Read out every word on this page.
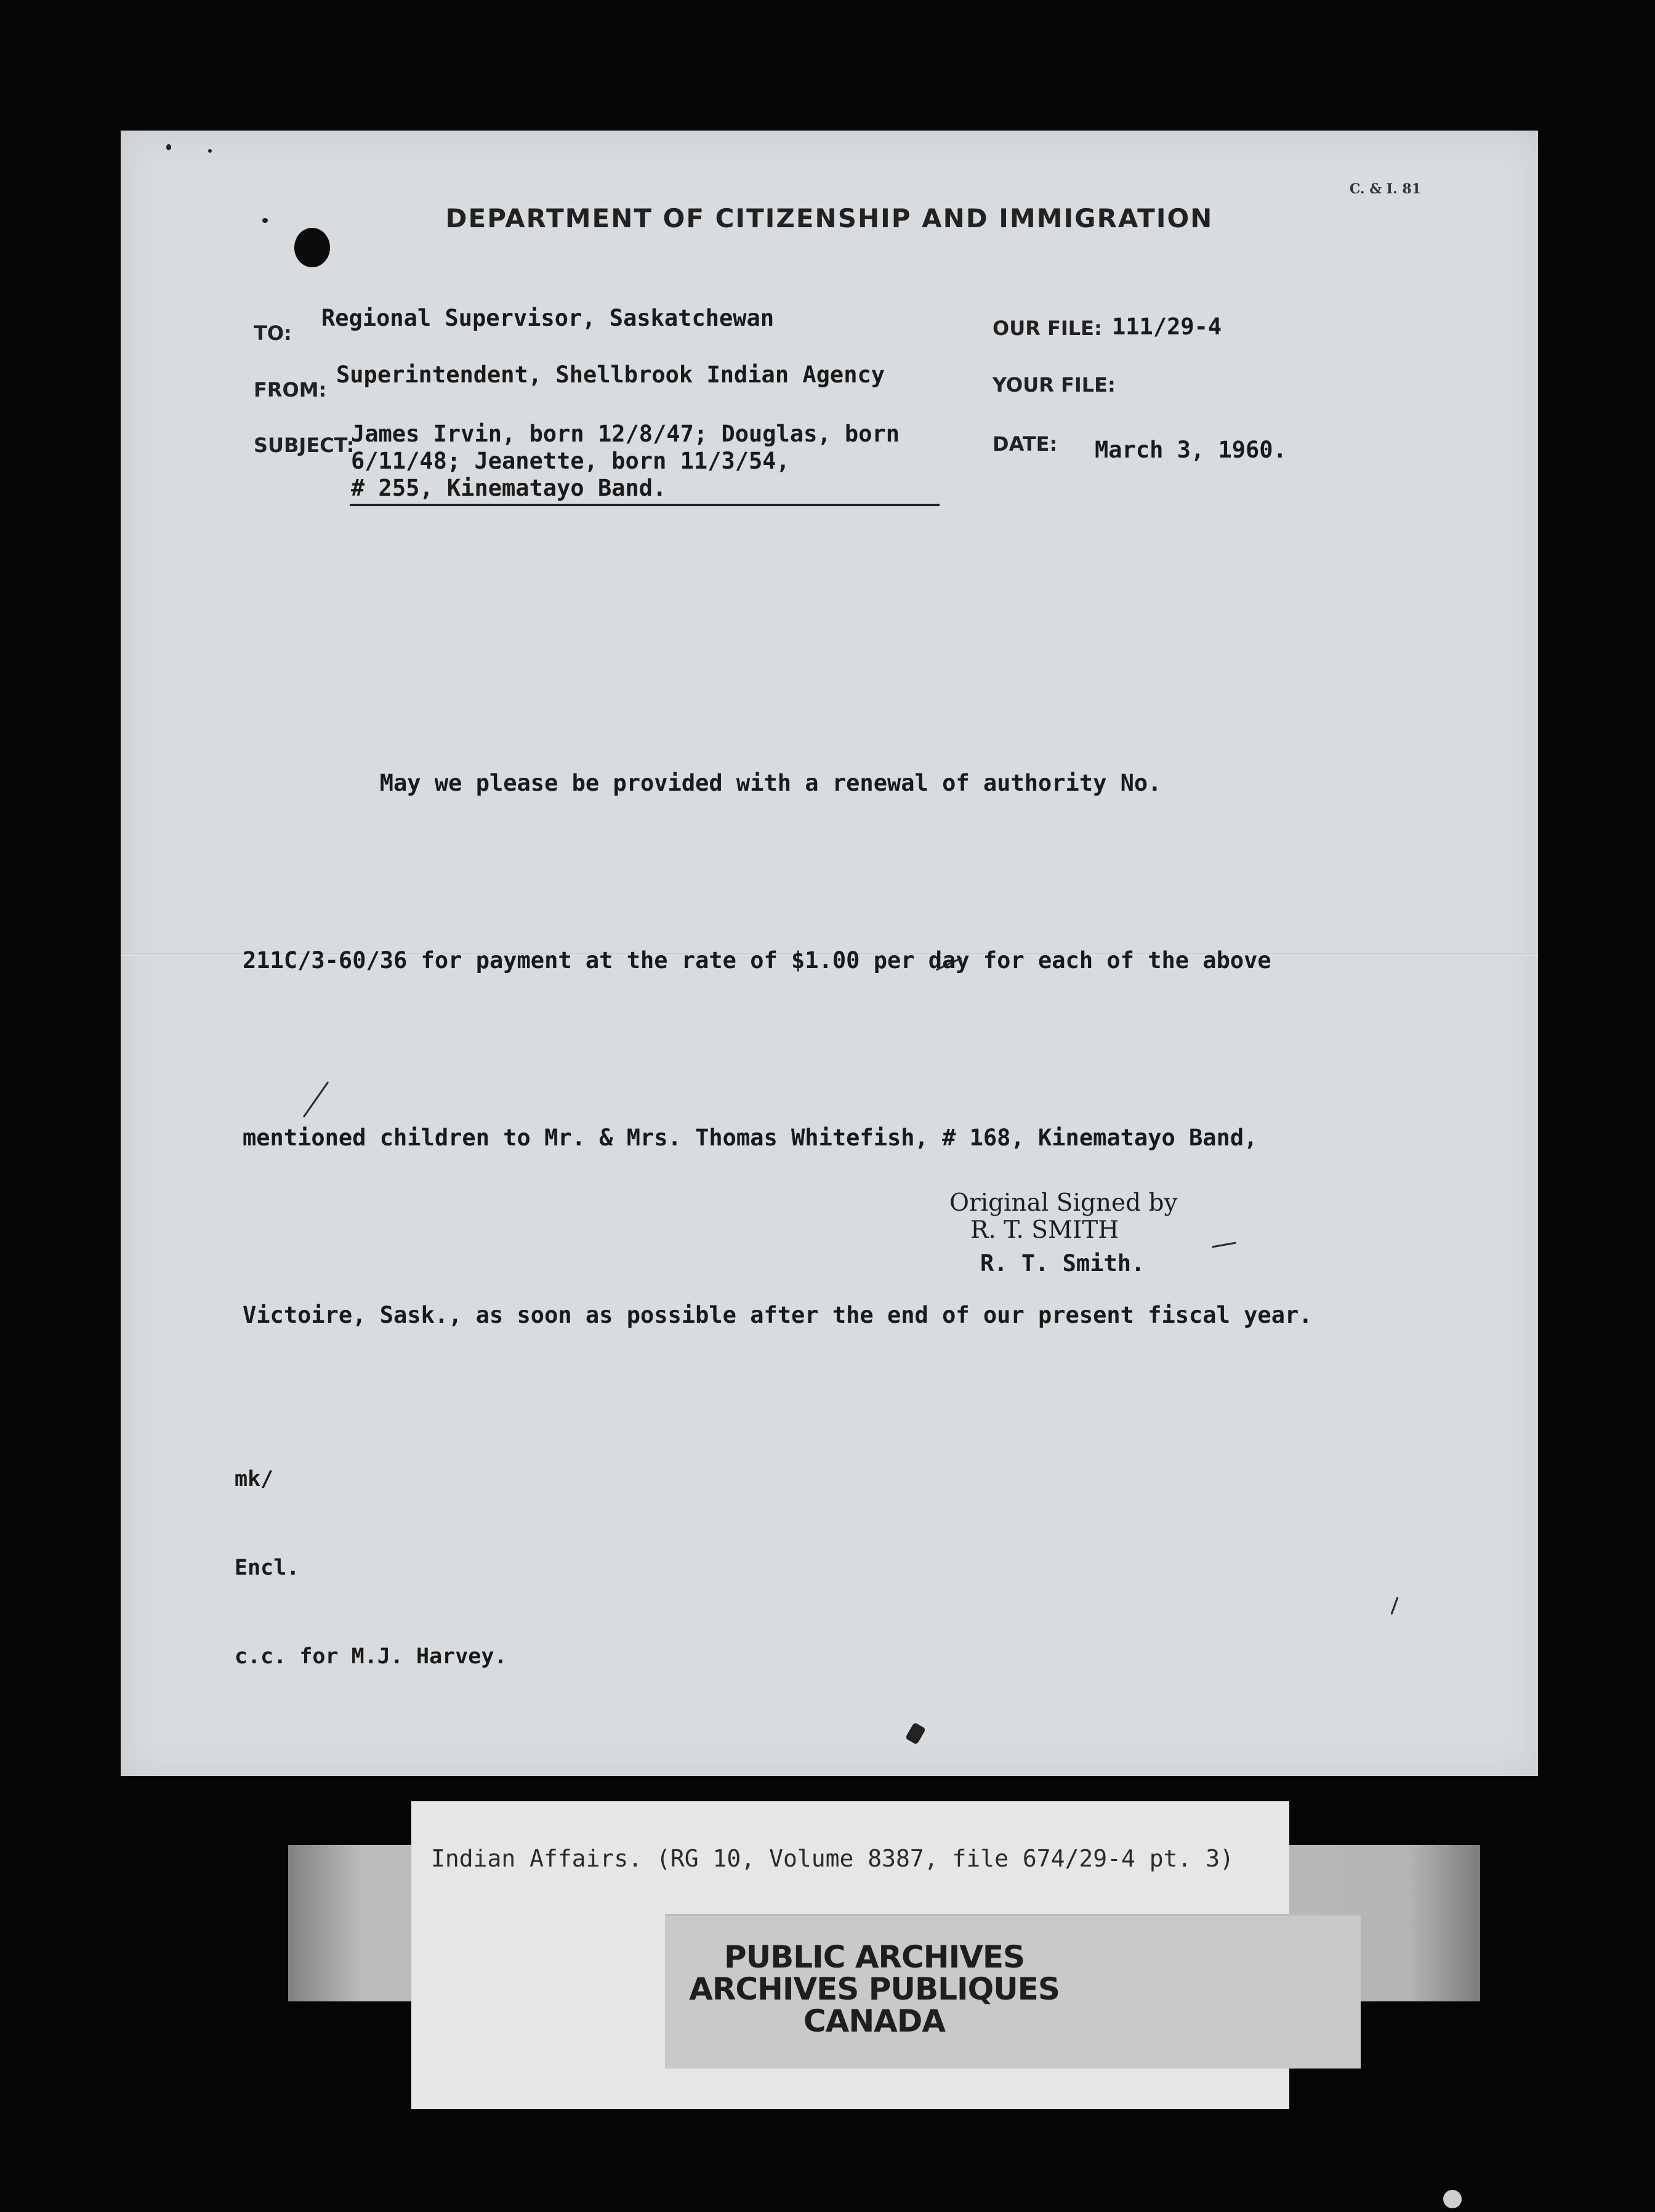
C. & I. 81
DEPARTMENT OF CITIZENSHIP AND IMMIGRATION
TO:
Regional Supervisor, Saskatchewan
FROM:
Superintendent, Shellbrook Indian Agency
SUBJECT:
James Irvin, born 12/8/47; Douglas, born
6/11/48; Jeanette, born 11/3/54,
# 255, Kinematayo Band.
OUR FILE: 111/29-4
YOUR FILE:
DATE: March 3, 1960.

May we please be provided with a renewal of authority No.

211C/3-60/36 for payment at the rate of $1.00 per day for each of the above

mentioned children to Mr. & Mrs. Thomas Whitefish, # 168, Kinematayo Band,

Victoire, Sask., as soon as possible after the end of our present fiscal year.

Original Signed by
R. T. SMITH
R. T. Smith.

mk/

Encl.

c.c. for M.J. Harvey.

Indian Affairs. (RG 10, Volume 8387, file 674/29-4 pt. 3)
PUBLIC ARCHIVES
ARCHIVES PUBLIQUES
CANADA
